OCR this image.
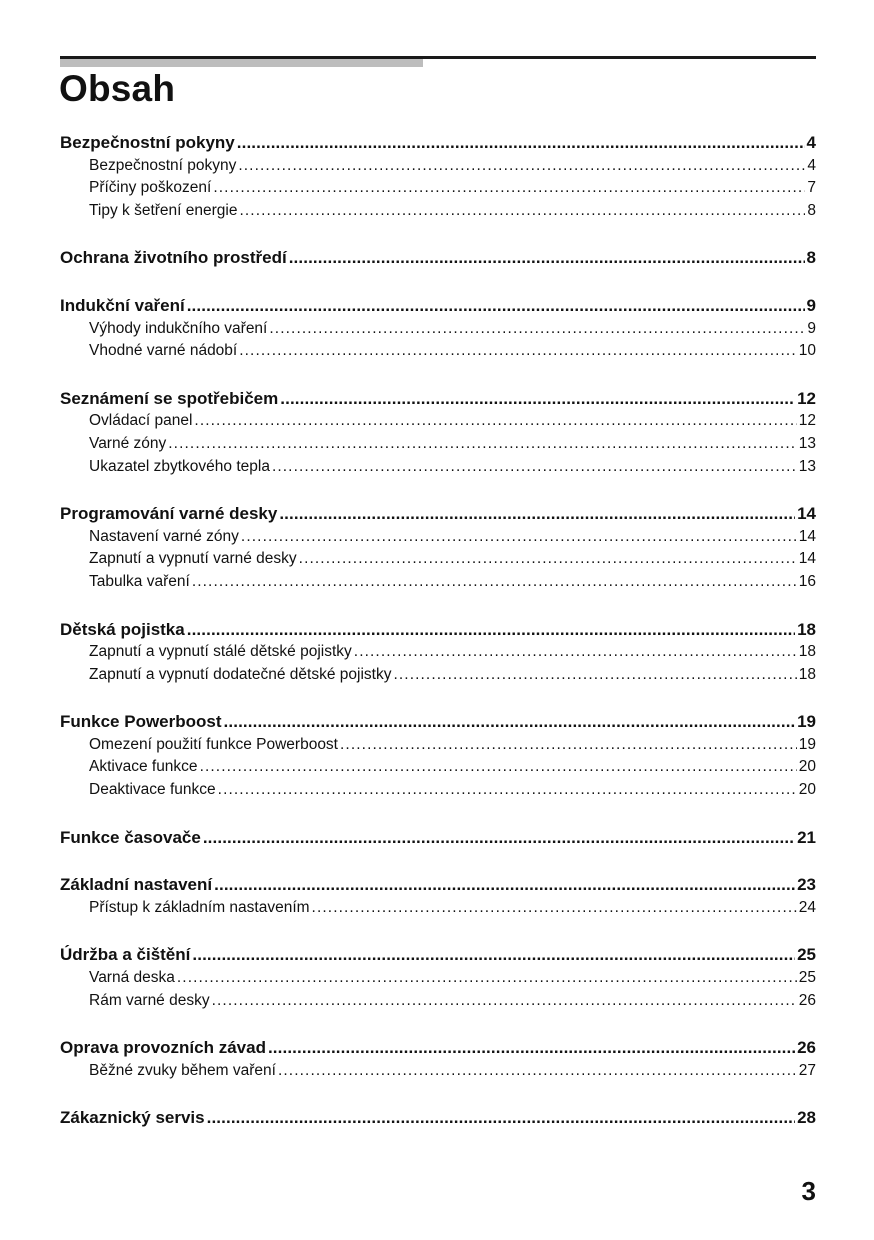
Obsah
Bezpečnostní pokyny . . .	4
Bezpečnostní pokyny . . .	4
Příčiny poškození . . .	7
Tipy k šetření energie . . .	8
Ochrana životního prostředí . . .	8
Indukční vaření . . .	9
Výhody indukčního vaření . . .	9
Vhodné varné nádobí . . .	10
Seznámení se spotřebičem . . .	12
Ovládací panel . . .	12
Varné zóny . . .	13
Ukazatel zbytkového tepla . . .	13
Programování varné desky . . .	14
Nastavení varné zóny . . .	14
Zapnutí a vypnutí varné desky . . .	14
Tabulka vaření . . .	16
Dětská pojistka . . .	18
Zapnutí a vypnutí stálé dětské pojistky . . .	18
Zapnutí a vypnutí dodatečné dětské pojistky . . .	18
Funkce Powerboost . . .	19
Omezení použití funkce Powerboost . . .	19
Aktivace funkce . . .	20
Deaktivace funkce . . .	20
Funkce časovače . . .	21
Základní nastavení . . .	23
Přístup k základním nastavením . . .	24
Údržba a čištění . . .	25
Varná deska . . .	25
Rám varné desky . . .	26
Oprava provozních závad . . .	26
Běžné zvuky během vaření . . .	27
Zákaznický servis . . .	28
3
